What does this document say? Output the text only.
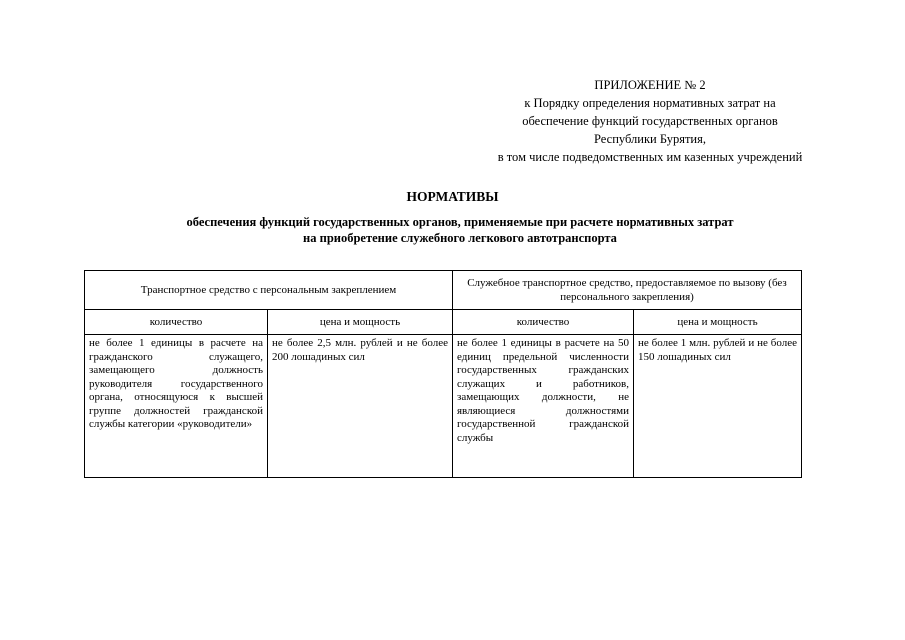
ПРИЛОЖЕНИЕ № 2
к Порядку определения нормативных затрат на
обеспечение функций государственных органов
Республики Бурятия,
в том числе подведомственных им казенных учреждений
НОРМАТИВЫ
обеспечения функций государственных органов, применяемые при расчете нормативных затрат
на приобретение служебного легкового автотранспорта
Транспортное средство с персональным закреплением		Служебное транспортное средство, предоставляемое по вызову (без персонального закрепления)	
количество	цена и мощность	количество	цена и мощность
не более 1 единицы в расчете на гражданского служащего, замещающего должность руководителя государственного органа, относящуюся к высшей группе должностей гражданской службы категории «руководители»	не более 2,5 млн. рублей и не более 200 лошадиных сил	не более 1 единицы в расчете на 50 единиц предельной численности государственных гражданских служащих и работников, замещающих должности, не являющиеся должностями государственной гражданской службы	не более 1 млн. рублей и не более 150 лошадиных сил
